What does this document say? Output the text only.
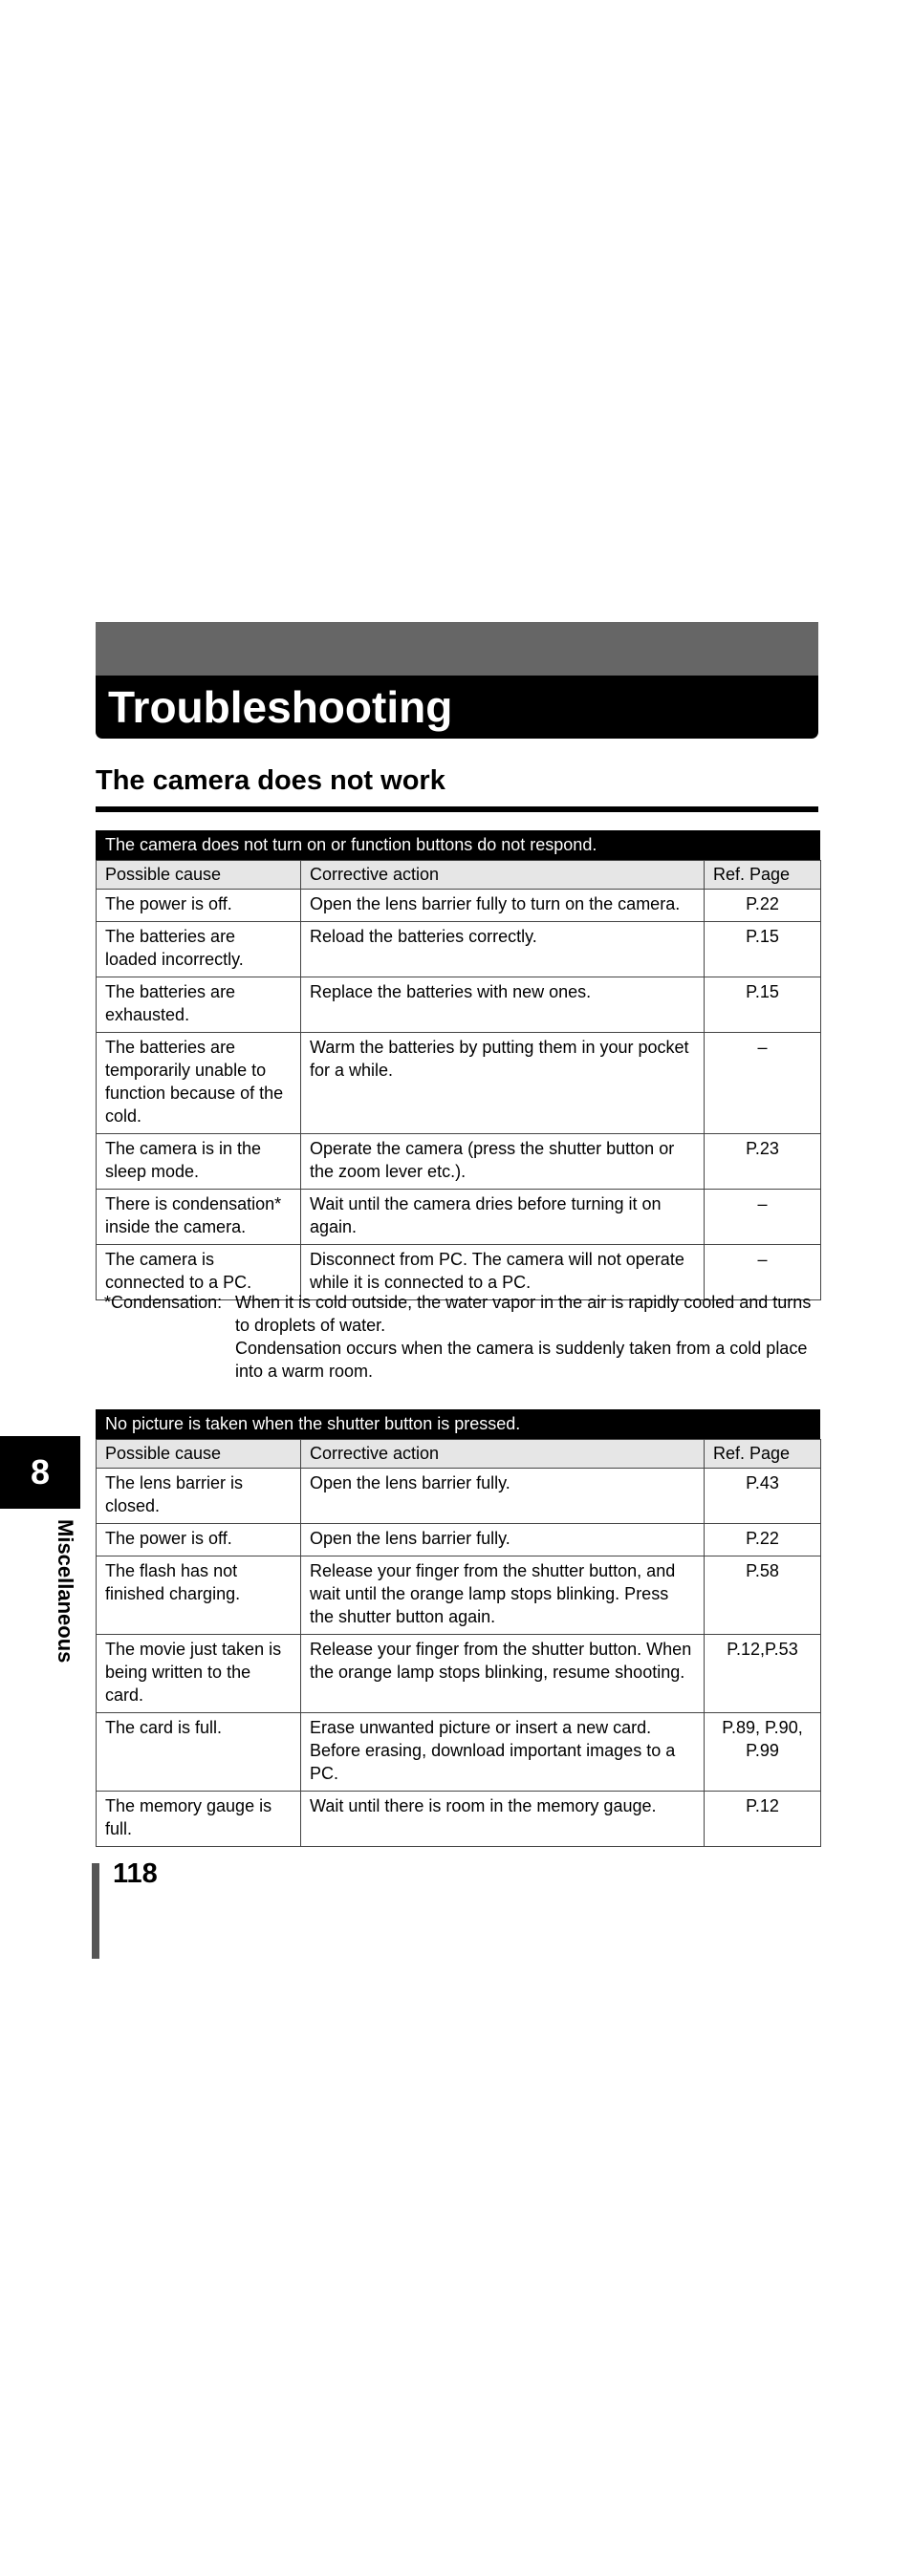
Troubleshooting
The camera does not work
The camera does not turn on or function buttons do not respond.
Possible cause	Corrective action	Ref. Page
The power is off.	Open the lens barrier fully to turn on the camera.	P.22
The batteries are loaded incorrectly.	Reload the batteries correctly.	P.15
The batteries are exhausted.	Replace the batteries with new ones.	P.15
The batteries are temporarily unable to function because of the cold.	Warm the batteries by putting them in your pocket for a while.	–
The camera is in the sleep mode.	Operate the camera (press the shutter button or the zoom lever etc.).	P.23
There is condensation* inside the camera.	Wait until the camera dries before turning it on again.	–
The camera is connected to a PC.	Disconnect from PC. The camera will not operate while it is connected to a PC.	–
*Condensation: When it is cold outside, the water vapor in the air is rapidly cooled and turns to droplets of water.

Condensation occurs when the camera is suddenly taken from a cold place into a warm room.

No picture is taken when the shutter button is pressed.
Possible cause	Corrective action	Ref. Page
The lens barrier is closed.	Open the lens barrier fully.	P.43
The power is off.	Open the lens barrier fully.	P.22
The flash has not finished charging.	Release your finger from the shutter button, and wait until the orange lamp stops blinking. Press the shutter button again.	P.58
The movie just taken is being written to the card.	Release your finger from the shutter button. When the orange lamp stops blinking, resume shooting.	P.12,P.53
The card is full.	Erase unwanted picture or insert a new card. Before erasing, download important images to a PC.	P.89, P.90, P.99
The memory gauge is full.	Wait until there is room in the memory gauge.	P.12
8
Miscellaneous
118
